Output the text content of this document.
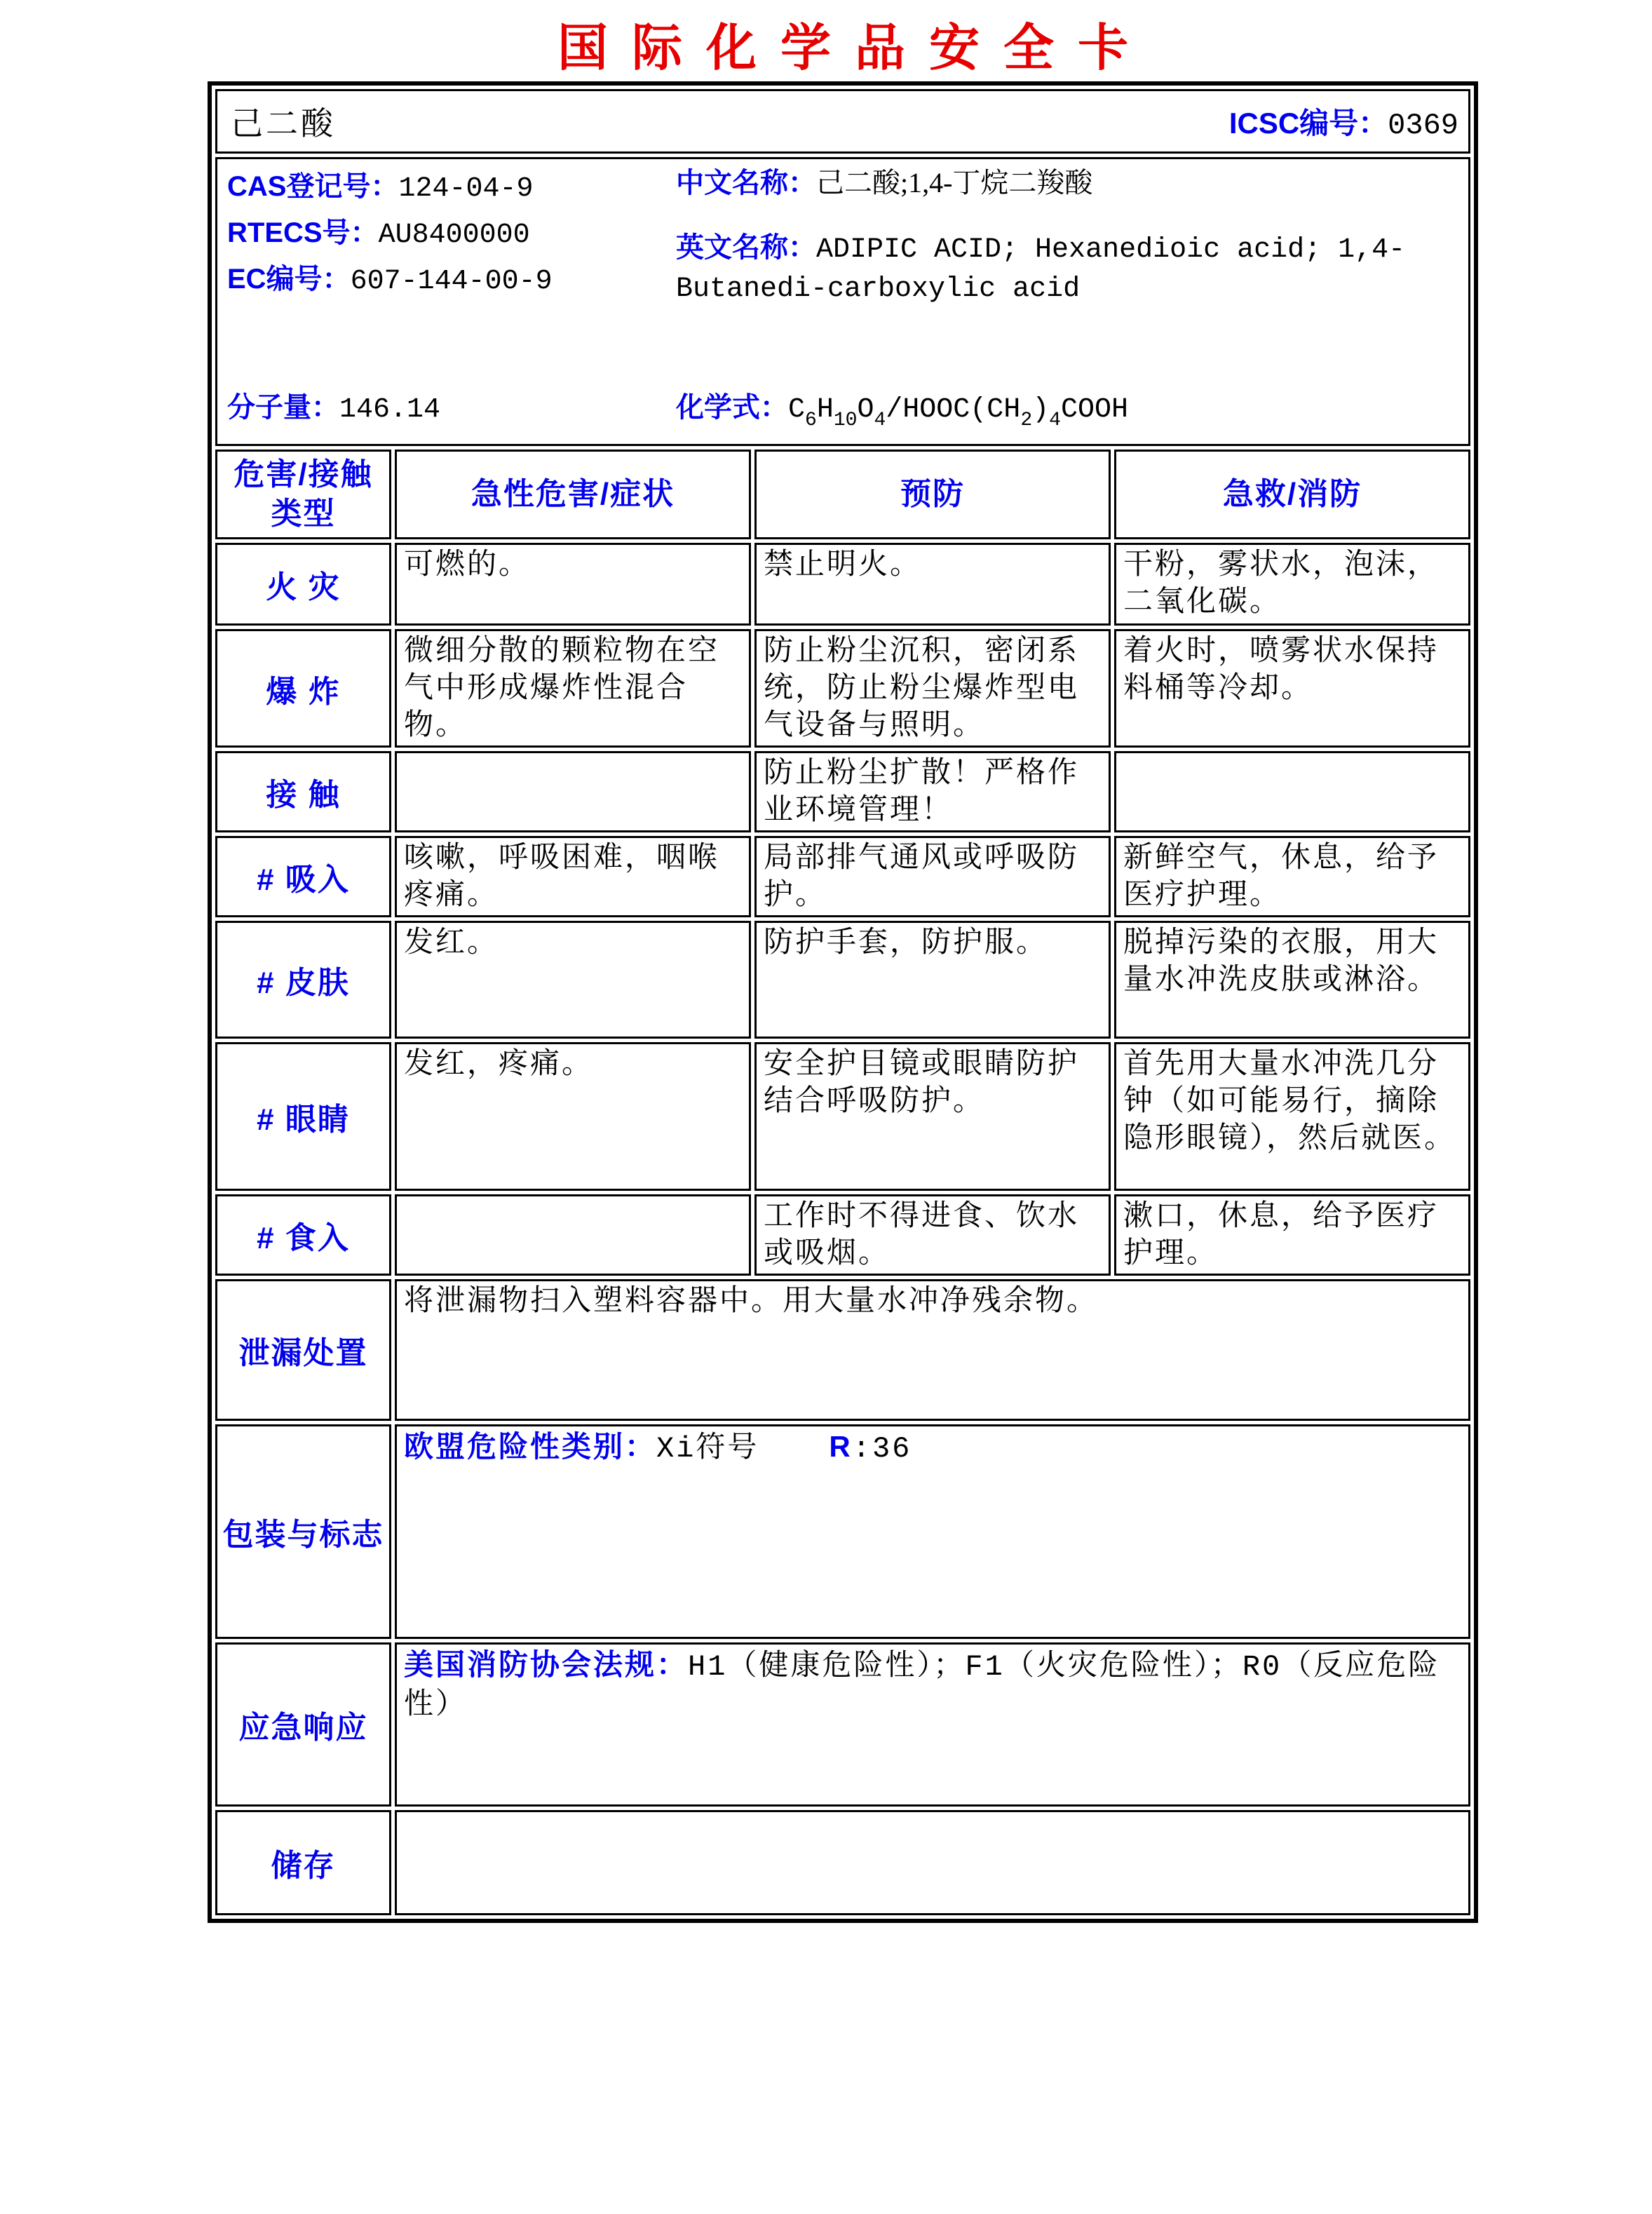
国际化学品安全卡
己二酸 ICSC编号：0369			

CAS登记号：124-04-9
RTECS号：AU8400000
EC编号：607-144-00-9
中文名称：己二酸;1,4-丁烷二羧酸
英文名称：ADIPIC ACID; Hexanedioic acid; 1,4-Butanedi-carboxylic acid
分子量：146.14	化学式：$C_6H_{10}O_4/HOOC(CH_2)_4COOH$

危害/接触
类型	急性危害/症状	预防	急救/消防
火 灾	可燃的。	禁止明火。	干粉，雾状水，泡沫，二氧化碳。
爆 炸	微细分散的颗粒物在空气中形成爆炸性混合物。	防止粉尘沉积，密闭系统，防止粉尘爆炸型电气设备与照明。	着火时，喷雾状水保持料桶等冷却。
接 触		防止粉尘扩散！严格作业环境管理！	
# 吸入	咳嗽，呼吸困难，咽喉疼痛。	局部排气通风或呼吸防护。	新鲜空气，休息，给予医疗护理。
# 皮肤	发红。	防护手套，防护服。	脱掉污染的衣服，用大量水冲洗皮肤或淋浴。
# 眼睛	发红，疼痛。	安全护目镜或眼睛防护结合呼吸防护。	首先用大量水冲洗几分钟（如可能易行，摘除隐形眼镜），然后就医。
# 食入		工作时不得进食、饮水或吸烟。	漱口，休息，给予医疗护理。
泄漏处置	将泄漏物扫入塑料容器中。用大量水冲净残余物。		
包装与标志	欧盟危险性类别：Xi符号 R:36		
应急响应	美国消防协会法规：H1（健康危险性）；F1（火灾危险性）；R0（反应危险性）		
储存			
